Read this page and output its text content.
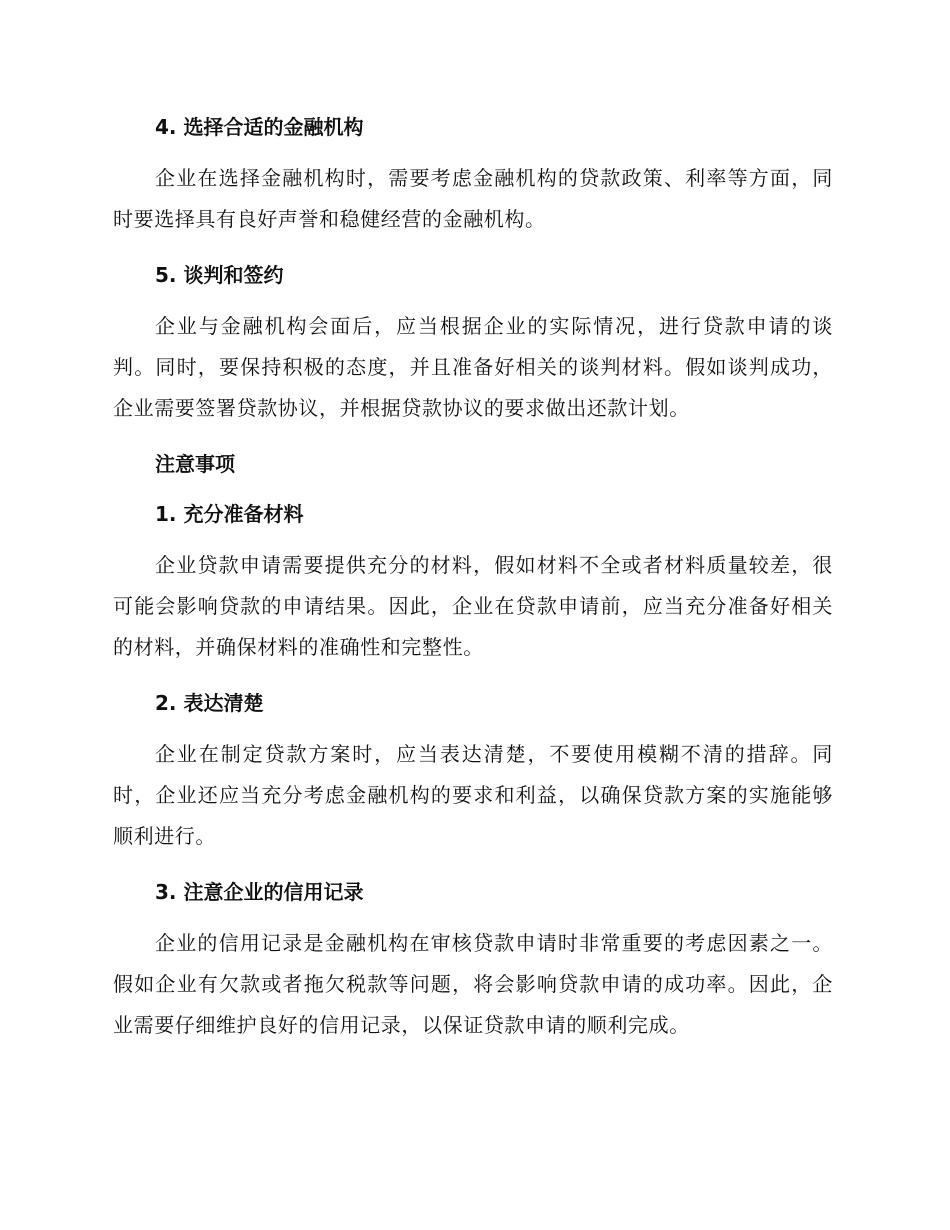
4. 选择合适的金融机构

企业在选择金融机构时，需要考虑金融机构的贷款政策、利率等方面，同时要选择具有良好声誉和稳健经营的金融机构。

5. 谈判和签约

企业与金融机构会面后，应当根据企业的实际情况，进行贷款申请的谈判。同时，要保持积极的态度，并且准备好相关的谈判材料。假如谈判成功，企业需要签署贷款协议，并根据贷款协议的要求做出还款计划。

注意事项
1. 充分准备材料

企业贷款申请需要提供充分的材料，假如材料不全或者材料质量较差，很可能会影响贷款的申请结果。因此，企业在贷款申请前，应当充分准备好相关的材料，并确保材料的准确性和完整性。

2. 表达清楚

企业在制定贷款方案时，应当表达清楚，不要使用模糊不清的措辞。同时，企业还应当充分考虑金融机构的要求和利益，以确保贷款方案的实施能够顺利进行。

3. 注意企业的信用记录

企业的信用记录是金融机构在审核贷款申请时非常重要的考虑因素之一。假如企业有欠款或者拖欠税款等问题，将会影响贷款申请的成功率。因此，企业需要仔细维护良好的信用记录，以保证贷款申请的顺利完成。
